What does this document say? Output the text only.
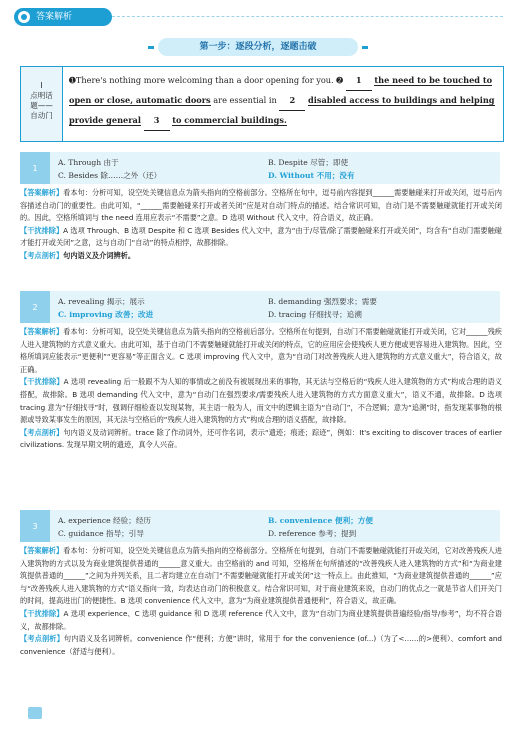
答案解析
第一步：逐段分析，逐题击破
I
点明话
题——
自动门
➊There's nothing more welcoming than a door opening for you. ➋ 1 the need to be touched to
open or close, automatic doors are essential in 2 disabled access to buildings and helping
provide general 3 to commercial buildings.
1
A. Through 由于	B. Despite 尽管；即使
C. Besides 除……之外（还）	D. Without 不用；没有
【答案解析】看本句：分析可知，设空处关键信息点为箭头指向的空格前部分。空格所在句中，逗号前内容提到______需要触碰来打开或关闭，逗号后内容描述自动门的重要性。由此可知，“______需要触碰来打开或者关闭”应是对自动门特点的描述。结合常识可知，自动门是不需要触碰就能打开或关闭的。因此，空格所填词与 the need 连用应表示“不需要”之意。D 选项 Without 代入文中，符合语义，故正确。
【干扰排除】A 选项 Through、B 选项 Despite 和 C 选项 Besides 代入文中，意为“由于/尽管/除了需要触碰来打开或关闭”，均含有“自动门需要触碰才能打开或关闭”之意，这与自动门“自动”的特点相悖，故都排除。
【考点剖析】句内语义及介词辨析。
2
A. revealing 揭示；展示	B. demanding 强烈要求；需要
C. improving 改善；改进	D. tracing 仔细找寻；追溯
【答案解析】看本句：分析可知，设空处关键信息点为箭头指向的空格前后部分。空格所在句提到，自动门不需要触碰就能打开或关闭，它对______残疾人进入建筑物的方式意义重大。由此可知，基于自动门不需要触碰就能打开或关闭的特点，它的应用应会使残疾人更方便或更容易进入建筑物。因此，空格所填词应能表示“更便利”“更容易”等正面含义。C 选项 improving 代入文中，意为“自动门对改善残疾人进入建筑物的方式意义重大”，符合语义，故正确。
【干扰排除】A 选项 revealing 后一般跟不为人知的事情或之前没有被展现出来的事物，其无法与空格后的“残疾人进入建筑物的方式”构成合理的语义搭配，故排除。B 选项 demanding 代入文中，意为“自动门在强烈要求/需要残疾人进入建筑物的方式方面意义重大”，语义不通，故排除。D 选项 tracing 意为“仔细找寻”时，强调仔细检查以发现某物，其主语一般为人，而文中的逻辑主语为“自动门”，不合逻辑；意为“追溯”时，指发现某事物的根源或导致某事发生的原因，其无法与空格后的“残疾人进入建筑物的方式”构成合理的语义搭配，故排除。
【考点剖析】句内语义及动词辨析。trace 除了作动词外，还可作名词，表示“遗迹；痕迹；踪迹”，例如：It's exciting to discover traces of earlier civilizations. 发现早期文明的遗迹，真令人兴奋。
3
A. experience 经验；经历	B. convenience 便利；方便
C. guidance 指导；引导	D. reference 参考；提到
【答案解析】看本句：分析可知，设空处关键信息点为箭头指向的空格前部分。空格所在句提到，自动门不需要触碰就能打开或关闭，它对改善残疾人进入建筑物的方式以及为商业建筑提供普通的______意义重大。由空格前的 and 可知，空格所在句所描述的“改善残疾人进入建筑物的方式”和“为商业建筑提供普通的______”之间为并列关系，且二者均建立在自动门“不需要触碰就能打开或关闭”这一特点上。由此推知，“为商业建筑提供普通的______”应与“改善残疾人进入建筑物的方式”语义指向一致，均表达自动门的积极意义。结合常识可知，对于商业建筑来说，自动门的优点之一就是节省人们开关门的时间，提高进出门的便捷性。B 选项 convenience 代入文中，意为“为商业建筑提供普通便利”，符合语义，故正确。
【干扰排除】A 选项 experience、C 选项 guidance 和 D 选项 reference 代入文中，意为“自动门为商业建筑提供普遍经验/指导/参考”，均不符合语义，故都排除。
【考点剖析】句内语义及名词辨析。convenience 作“便利；方便”讲时，常用于 for the convenience (of...)（为了<……的>便利）、comfort and convenience（舒适与便利）。
